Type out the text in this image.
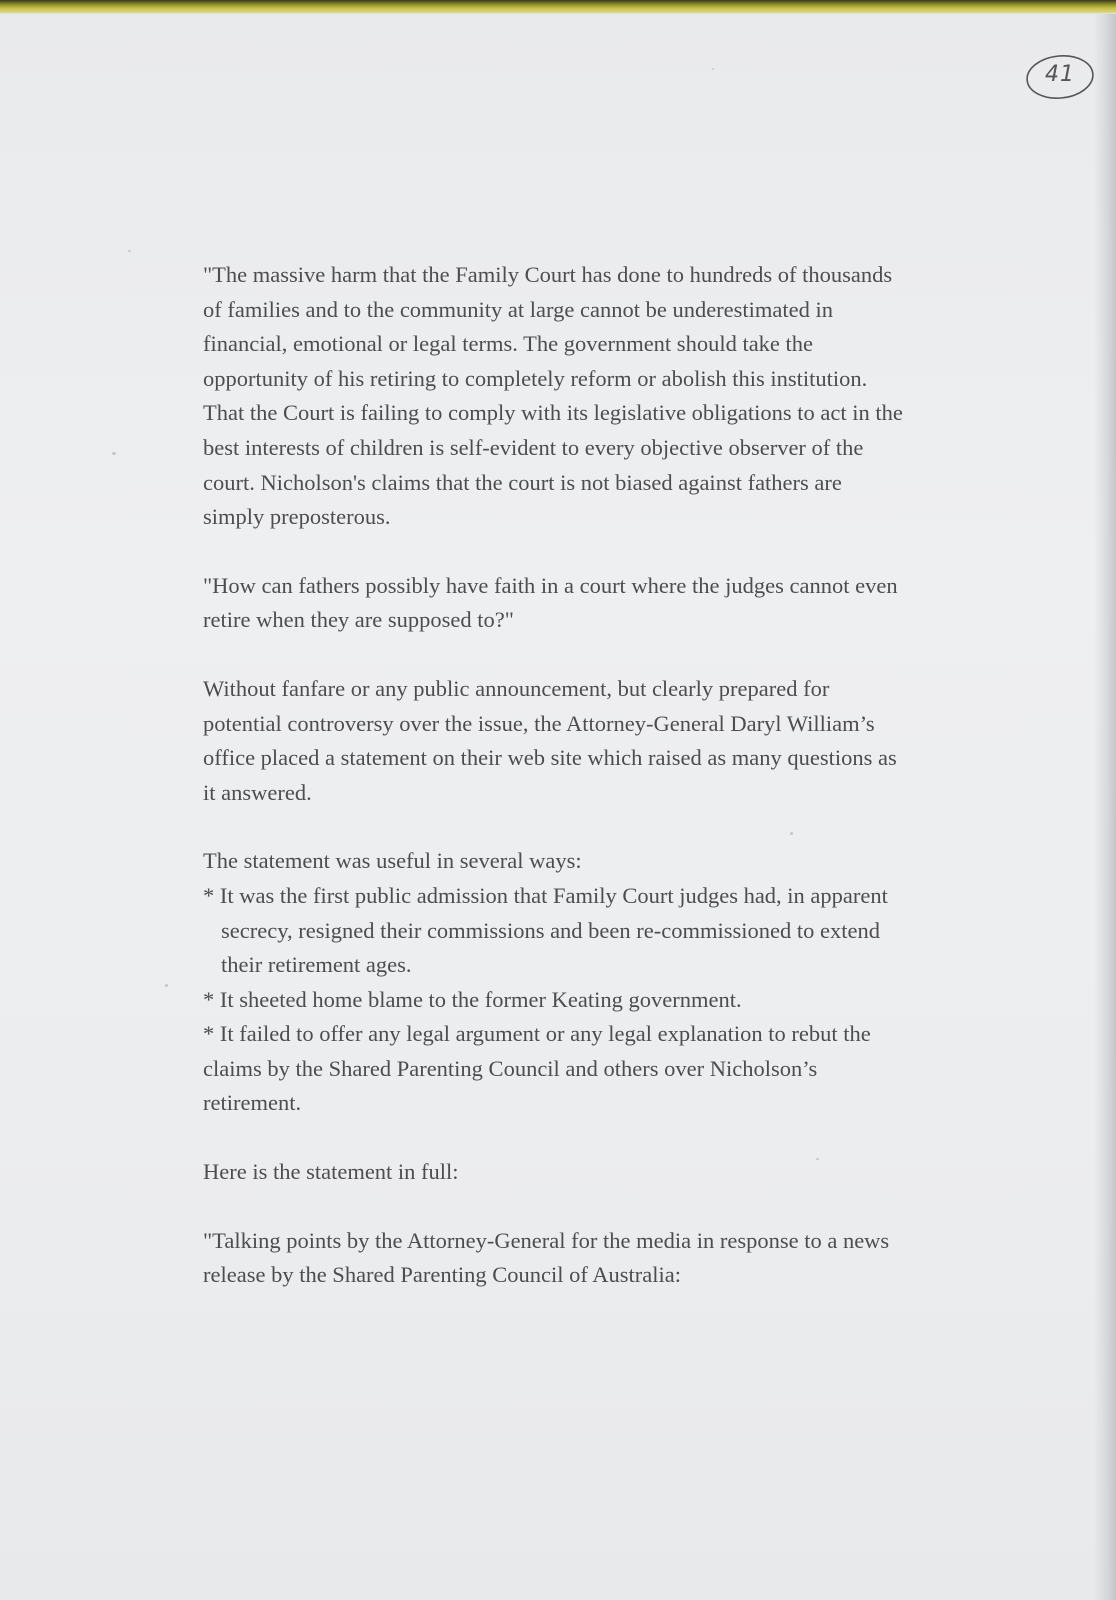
41

"The massive harm that the Family Court has done to hundreds of thousands of families and to the community at large cannot be underestimated in financial, emotional or legal terms. The government should take the opportunity of his retiring to completely reform or abolish this institution. That the Court is failing to comply with its legislative obligations to act in the best interests of children is self-evident to every objective observer of the court. Nicholson's claims that the court is not biased against fathers are simply preposterous.

"How can fathers possibly have faith in a court where the judges cannot even retire when they are supposed to?"

Without fanfare or any public announcement, but clearly prepared for potential controversy over the issue, the Attorney-General Daryl William’s office placed a statement on their web site which raised as many questions as it answered.

The statement was useful in several ways:

* It was the first public admission that Family Court judges had, in apparent secrecy, resigned their commissions and been re-commissioned to extend their retirement ages.

* It sheeted home blame to the former Keating government.

* It failed to offer any legal argument or any legal explanation to rebut the claims by the Shared Parenting Council and others over Nicholson’s retirement.

Here is the statement in full:

"Talking points by the Attorney-General for the media in response to a news release by the Shared Parenting Council of Australia:
